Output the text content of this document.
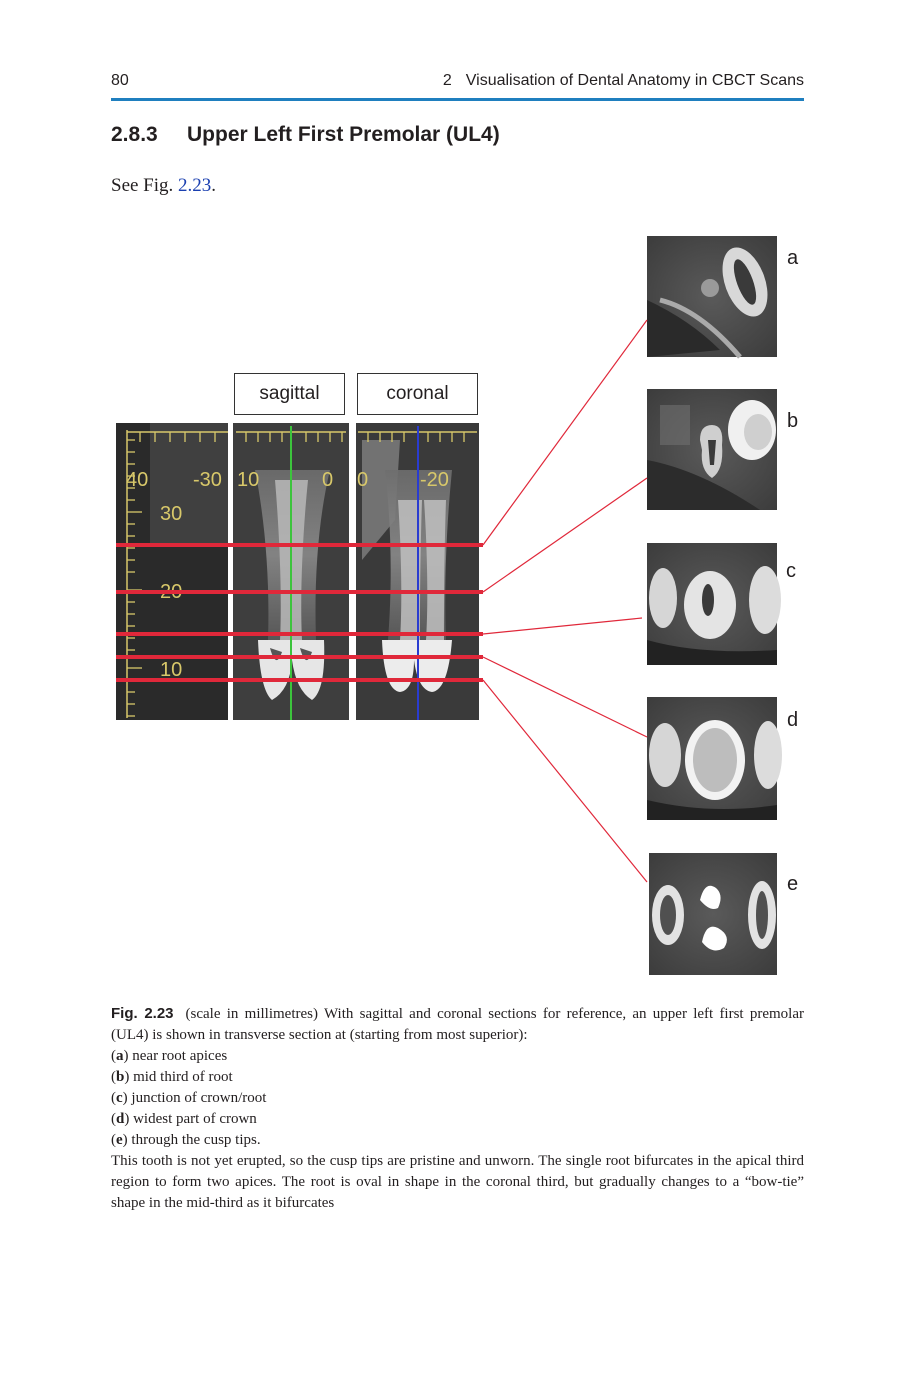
80	2 Visualisation of Dental Anatomy in CBCT Scans
2.8.3 Upper Left First Premolar (UL4)
See Fig. 2.23.
40 -30 10	0 0	-20
30
20
10
sagittal	coronal
a
b
c
d
e

Fig. 2.23 (scale in millimetres) With sagittal and coronal sections for reference, an upper left first premolar (UL4) is shown in transverse section at (starting from most superior):

(a) near root apices

(b) mid third of root

(c) junction of crown/root

(d) widest part of crown

(e) through the cusp tips.

This tooth is not yet erupted, so the cusp tips are pristine and unworn. The single root bifurcates in the apical third region to form two apices. The root is oval in shape in the coronal third, but gradually changes to a “bow-tie” shape in the mid-third as it bifurcates
